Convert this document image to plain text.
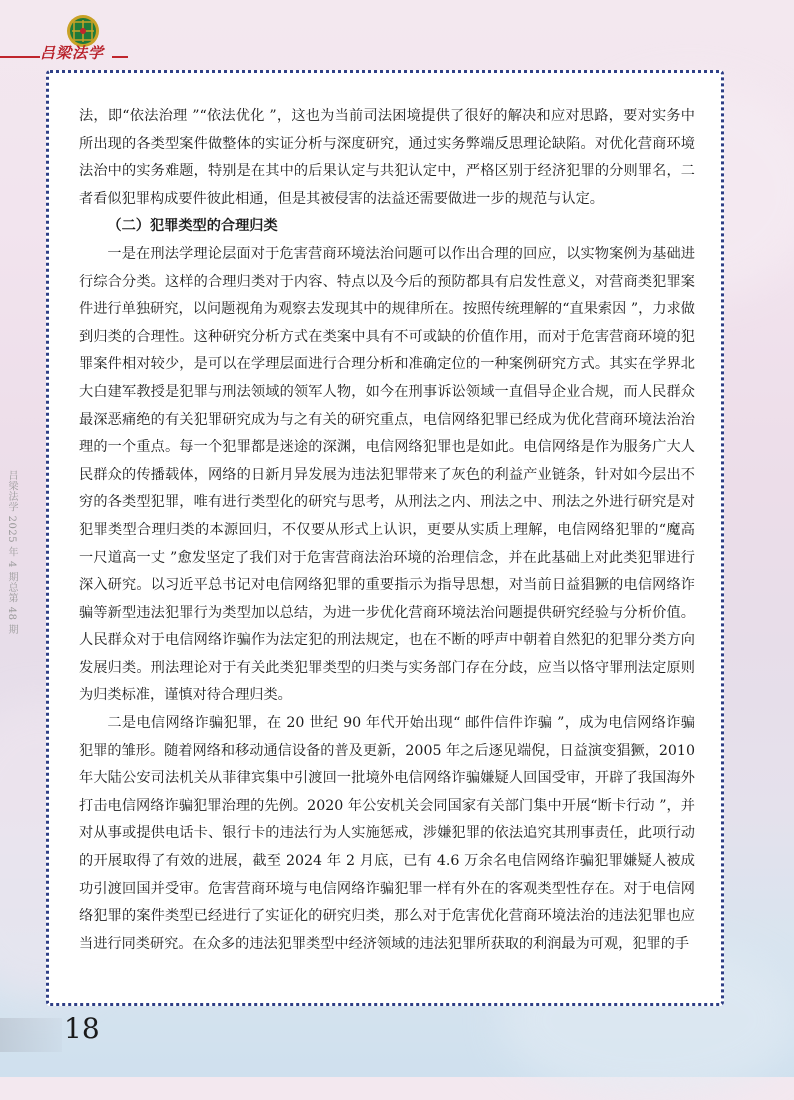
吕梁法学
吕梁法学 2025 年 4 期总第 48 期

法，即“依法治理 ”“依法优化 ”，这也为当前司法困境提供了很好的解决和应对思路，要对实务中所出现的各类型案件做整体的实证分析与深度研究，通过实务弊端反思理论缺陷。对优化营商环境法治中的实务难题，特别是在其中的后果认定与共犯认定中，严格区别于经济犯罪的分则罪名，二者看似犯罪构成要件彼此相通，但是其被侵害的法益还需要做进一步的规范与认定。

（二）犯罪类型的合理归类

一是在刑法学理论层面对于危害营商环境法治问题可以作出合理的回应，以实物案例为基础进行综合分类。这样的合理归类对于内容、特点以及今后的预防都具有启发性意义，对营商类犯罪案件进行单独研究，以问题视角为观察去发现其中的规律所在。按照传统理解的“直果索因 ”，力求做到归类的合理性。这种研究分析方式在类案中具有不可或缺的价值作用，而对于危害营商环境的犯罪案件相对较少，是可以在学理层面进行合理分析和准确定位的一种案例研究方式。其实在学界北大白建军教授是犯罪与刑法领域的领军人物，如今在刑事诉讼领域一直倡导企业合规，而人民群众最深恶痛绝的有关犯罪研究成为与之有关的研究重点，电信网络犯罪已经成为优化营商环境法治治理的一个重点。每一个犯罪都是迷途的深渊，电信网络犯罪也是如此。电信网络是作为服务广大人民群众的传播载体，网络的日新月异发展为违法犯罪带来了灰色的利益产业链条，针对如今层出不穷的各类型犯罪，唯有进行类型化的研究与思考，从刑法之内、刑法之中、刑法之外进行研究是对犯罪类型合理归类的本源回归，不仅要从形式上认识，更要从实质上理解，电信网络犯罪的“魔高一尺道高一丈 ”愈发坚定了我们对于危害营商法治环境的治理信念，并在此基础上对此类犯罪进行深入研究。以习近平总书记对电信网络犯罪的重要指示为指导思想，对当前日益猖獗的电信网络诈骗等新型违法犯罪行为类型加以总结，为进一步优化营商环境法治问题提供研究经验与分析价值。人民群众对于电信网络诈骗作为法定犯的刑法规定，也在不断的呼声中朝着自然犯的犯罪分类方向发展归类。刑法理论对于有关此类犯罪类型的归类与实务部门存在分歧，应当以恪守罪刑法定原则为归类标准，谨慎对待合理归类。

二是电信网络诈骗犯罪，在 20 世纪 90 年代开始出现“ 邮件信件诈骗 ”，成为电信网络诈骗犯罪的雏形。随着网络和移动通信设备的普及更新，2005 年之后逐见端倪，日益演变猖獗，2010 年大陆公安司法机关从菲律宾集中引渡回一批境外电信网络诈骗嫌疑人回国受审，开辟了我国海外打击电信网络诈骗犯罪治理的先例。2020 年公安机关会同国家有关部门集中开展“断卡行动 ”，并对从事或提供电话卡、银行卡的违法行为人实施惩戒，涉嫌犯罪的依法追究其刑事责任，此项行动的开展取得了有效的进展，截至 2024 年 2 月底，已有 4.6 万余名电信网络诈骗犯罪嫌疑人被成功引渡回国并受审。危害营商环境与电信网络诈骗犯罪一样有外在的客观类型性存在。对于电信网络犯罪的案件类型已经进行了实证化的研究归类，那么对于危害优化营商环境法治的违法犯罪也应当进行同类研究。在众多的违法犯罪类型中经济领域的违法犯罪所获取的利润最为可观，犯罪的手

18
